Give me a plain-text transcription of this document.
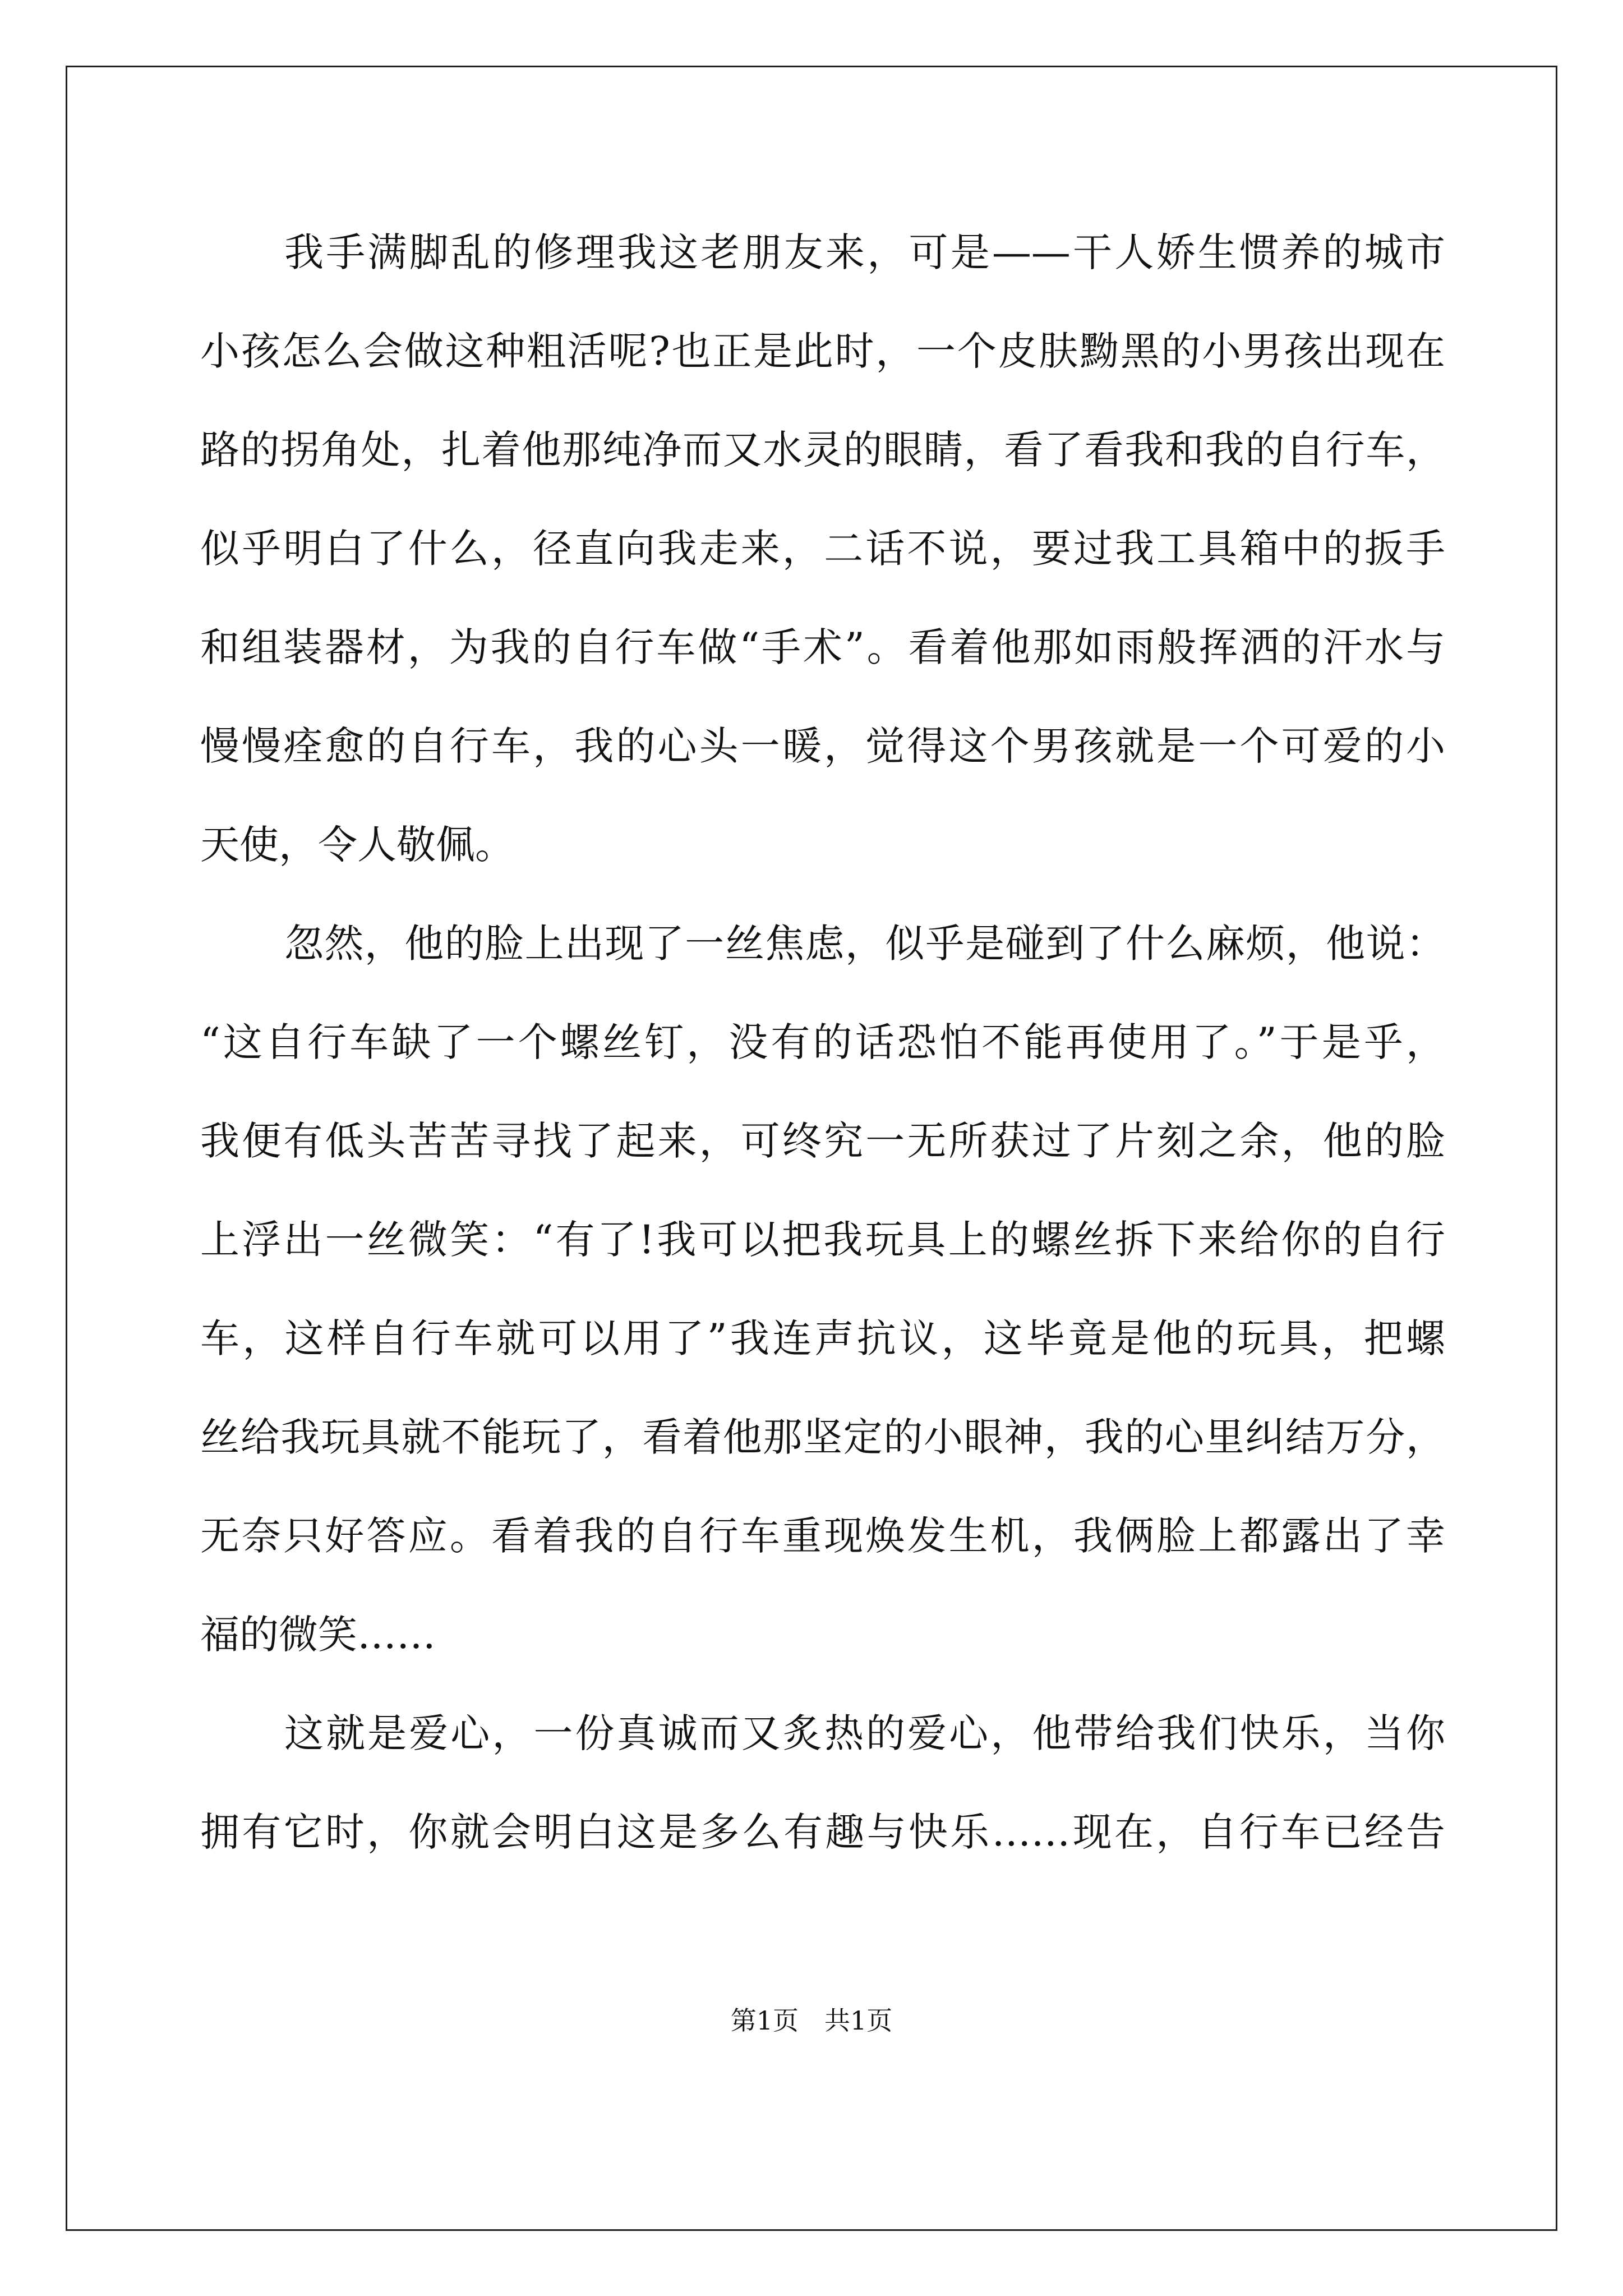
我手满脚乱的修理我这老朋友来，可是——干人娇生惯养的城市
小孩怎么会做这种粗活呢?也正是此时，一个皮肤黝黑的小男孩出现在
路的拐角处，扎着他那纯净而又水灵的眼睛，看了看我和我的自行车，
似乎明白了什么，径直向我走来，二话不说，要过我工具箱中的扳手
和组装器材，为我的自行车做“手术”。看着他那如雨般挥洒的汗水与
慢慢痊愈的自行车，我的心头一暖，觉得这个男孩就是一个可爱的小
天使，令人敬佩。
忽然，他的脸上出现了一丝焦虑，似乎是碰到了什么麻烦，他说：
“这自行车缺了一个螺丝钉，没有的话恐怕不能再使用了。”于是乎，
我便有低头苦苦寻找了起来，可终究一无所获过了片刻之余，他的脸
上浮出一丝微笑：“有了!我可以把我玩具上的螺丝拆下来给你的自行
车，这样自行车就可以用了”我连声抗议，这毕竟是他的玩具，把螺
丝给我玩具就不能玩了，看着他那坚定的小眼神，我的心里纠结万分，
无奈只好答应。看着我的自行车重现焕发生机，我俩脸上都露出了幸
福的微笑……
这就是爱心，一份真诚而又炙热的爱心，他带给我们快乐，当你
拥有它时，你就会明白这是多么有趣与快乐……现在，自行车已经告
第1页　共1页
